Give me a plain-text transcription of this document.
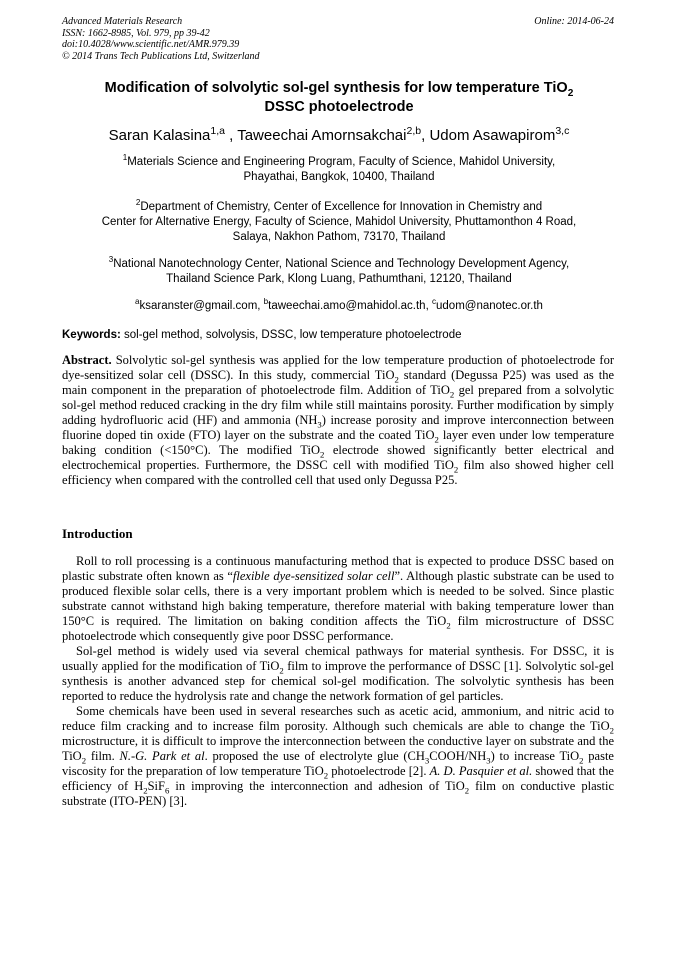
Advanced Materials Research
ISSN: 1662-8985, Vol. 979, pp 39-42
doi:10.4028/www.scientific.net/AMR.979.39
© 2014 Trans Tech Publications Ltd, Switzerland
Online: 2014-06-24
Modification of solvolytic sol-gel synthesis for low temperature TiO$_2$
DSSC photoelectrode
Saran Kalasina$^{1,a}$ , Taweechai Amornsakchai$^{2,b}$, Udom Asawapirom$^{3,c}$
$^1$Materials Science and Engineering Program, Faculty of Science, Mahidol University,
Phayathai, Bangkok, 10400, Thailand
$^2$Department of Chemistry, Center of Excellence for Innovation in Chemistry and
Center for Alternative Energy, Faculty of Science, Mahidol University, Phuttamonthon 4 Road,
Salaya, Nakhon Pathom, 73170, Thailand
$^3$National Nanotechnology Center, National Science and Technology Development Agency,
Thailand Science Park, Klong Luang, Pathumthani, 12120, Thailand
$^a$ksaranster@gmail.com, $^b$taweechai.amo@mahidol.ac.th, $^c$udom@nanotec.or.th
Keywords: sol-gel method, solvolysis, DSSC, low temperature photoelectrode
Abstract. Solvolytic sol-gel synthesis was applied for the low temperature production of photoelectrode for dye-sensitized solar cell (DSSC). In this study, commercial TiO$_2$ standard (Degussa P25) was used as the main component in the preparation of photoelectrode film. Addition of TiO$_2$ gel prepared from a solvolytic sol-gel method reduced cracking in the dry film while still maintains porosity. Further modification by simply adding hydrofluoric acid (HF) and ammonia $(NH_3)$ increase porosity and improve interconnection between fluorine doped tin oxide (FTO) layer on the substrate and the coated TiO$_2$ layer even under low temperature baking condition (<150°C). The modified TiO$_2$ electrode showed significantly better electrical and electrochemical properties. Furthermore, the DSSC cell with modified TiO$_2$ film also showed higher cell efficiency when compared with the controlled cell that used only Degussa P25.
Introduction

Roll to roll processing is a continuous manufacturing method that is expected to produce DSSC based on plastic substrate often known as “flexible dye-sensitized solar cell”. Although plastic substrate can be used to produced flexible solar cells, there is a very important problem which is needed to be solved. Since plastic substrate cannot withstand high baking temperature, therefore material with baking temperature lower than 150°C is required. The limitation on baking condition affects the TiO$_2$ film microstructure of DSSC photoelectrode which consequently give poor DSSC performance.

Sol-gel method is widely used via several chemical pathways for material synthesis. For DSSC, it is usually applied for the modification of TiO$_2$ film to improve the performance of DSSC [1]. Solvolytic sol-gel synthesis is another advanced step for chemical sol-gel modification. The solvolytic synthesis has been reported to reduce the hydrolysis rate and change the network formation of gel particles.

Some chemicals have been used in several researches such as acetic acid, ammonium, and nitric acid to reduce film cracking and to increase film porosity. Although such chemicals are able to change the TiO$_2$ microstructure, it is difficult to improve the interconnection between the conductive layer on substrate and the TiO$_2$ film. N.-G. Park et al. proposed the use of electrolyte glue $(CH_3COOH/NH_3)$ to increase TiO$_2$ paste viscosity for the preparation of low temperature TiO$_2$ photoelectrode [2]. A. D. Pasquier et al. showed that the efficiency of $H_2SiF_6$ in improving the interconnection and adhesion of TiO$_2$ film on conductive plastic substrate (ITO-PEN) [3].
